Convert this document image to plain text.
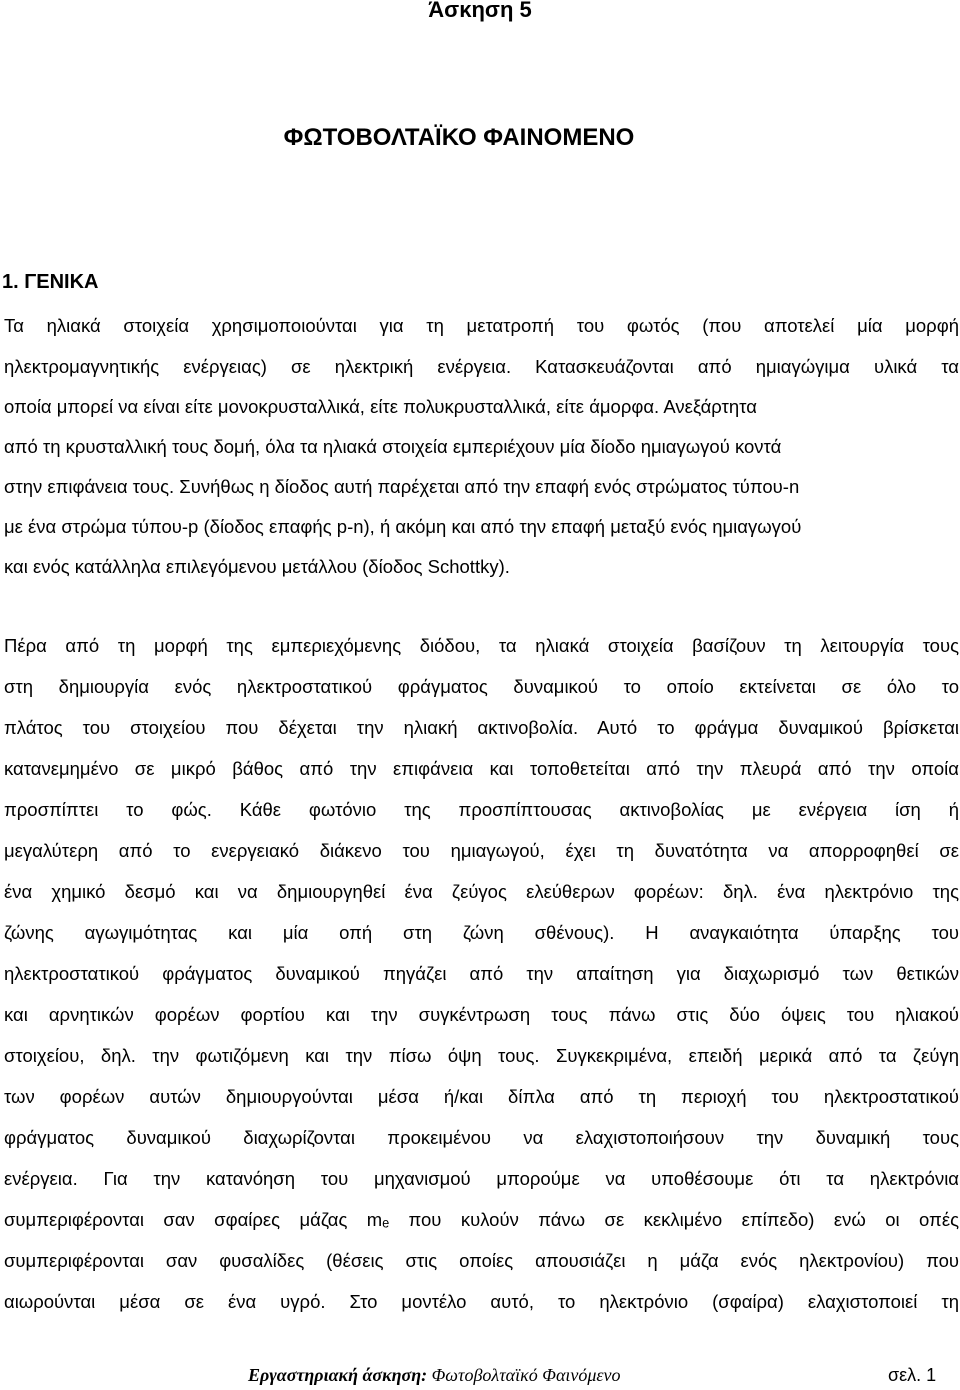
Άσκηση 5
ΦΩΤΟΒΟΛΤΑΪΚΟ ΦΑΙΝΟΜΕΝΟ
1. ΓΕΝΙΚΑ
Τα ηλιακά στοιχεία χρησιμοποιούνται για τη μετατροπή του φωτός (που αποτελεί μία μορφή
ηλεκτρομαγνητικής ενέργειας) σε ηλεκτρική ενέργεια. Κατασκευάζονται από ημιαγώγιμα υλικά τα
οποία μπορεί να είναι είτε μονοκρυσταλλικά, είτε πολυκρυσταλλικά, είτε άμορφα. Ανεξάρτητα
από τη κρυσταλλική τους δομή, όλα τα ηλιακά στοιχεία εμπεριέχουν μία δίοδο ημιαγωγού κοντά
στην επιφάνεια τους. Συνήθως η δίοδος αυτή παρέχεται από την επαφή ενός στρώματος τύπου-n
με ένα στρώμα τύπου-p (δίοδος επαφής p-n), ή ακόμη και από την επαφή μεταξύ ενός ημιαγωγού
και ενός κατάλληλα επιλεγόμενου μετάλλου (δίοδος Schottky).
Πέρα από τη μορφή της εμπεριεχόμενης διόδου, τα ηλιακά στοιχεία βασίζουν τη λειτουργία τους
στη δημιουργία ενός ηλεκτροστατικού φράγματος δυναμικού το οποίο εκτείνεται σε όλο το
πλάτος του στοιχείου που δέχεται την ηλιακή ακτινοβολία. Αυτό το φράγμα δυναμικού βρίσκεται
κατανεμημένο σε μικρό βάθος από την επιφάνεια και τοποθετείται από την πλευρά από την οποία
προσπίπτει το φώς. Κάθε φωτόνιο της προσπίπτουσας ακτινοβολίας με ενέργεια ίση ή
μεγαλύτερη από το ενεργειακό διάκενο του ημιαγωγού, έχει τη δυνατότητα να απορροφηθεί σε
ένα χημικό δεσμό και να δημιουργηθεί ένα ζεύγος ελεύθερων φορέων: δηλ. ένα ηλεκτρόνιο της
ζώνης αγωγιμότητας και μία οπή στη ζώνη σθένους). Η αναγκαιότητα ύπαρξης του
ηλεκτροστατικού φράγματος δυναμικού πηγάζει από την απαίτηση για διαχωρισμό των θετικών
και αρνητικών φορέων φορτίου και την συγκέντρωση τους πάνω στις δύο όψεις του ηλιακού
στοιχείου, δηλ. την φωτιζόμενη και την πίσω όψη τους. Συγκεκριμένα, επειδή μερικά από τα ζεύγη
των φορέων αυτών δημιουργούνται μέσα ή/και δίπλα από τη περιοχή του ηλεκτροστατικού
φράγματος δυναμικού διαχωρίζονται προκειμένου να ελαχιστοποιήσουν την δυναμική τους
ενέργεια. Για την κατανόηση του μηχανισμού μπορούμε να υποθέσουμε ότι τα ηλεκτρόνια
συμπεριφέρονται σαν σφαίρες μάζας mₑ που κυλούν πάνω σε κεκλιμένο επίπεδο) ενώ οι οπές
συμπεριφέρονται σαν φυσαλίδες (θέσεις στις οποίες απουσιάζει η μάζα ενός ηλεκτρονίου) που
αιωρούνται μέσα σε ένα υγρό. Στο μοντέλο αυτό, το ηλεκτρόνιο (σφαίρα) ελαχιστοποιεί τη
Εργαστηριακή άσκηση: Φωτοβολταϊκό Φαινόμενο	σελ. 1
